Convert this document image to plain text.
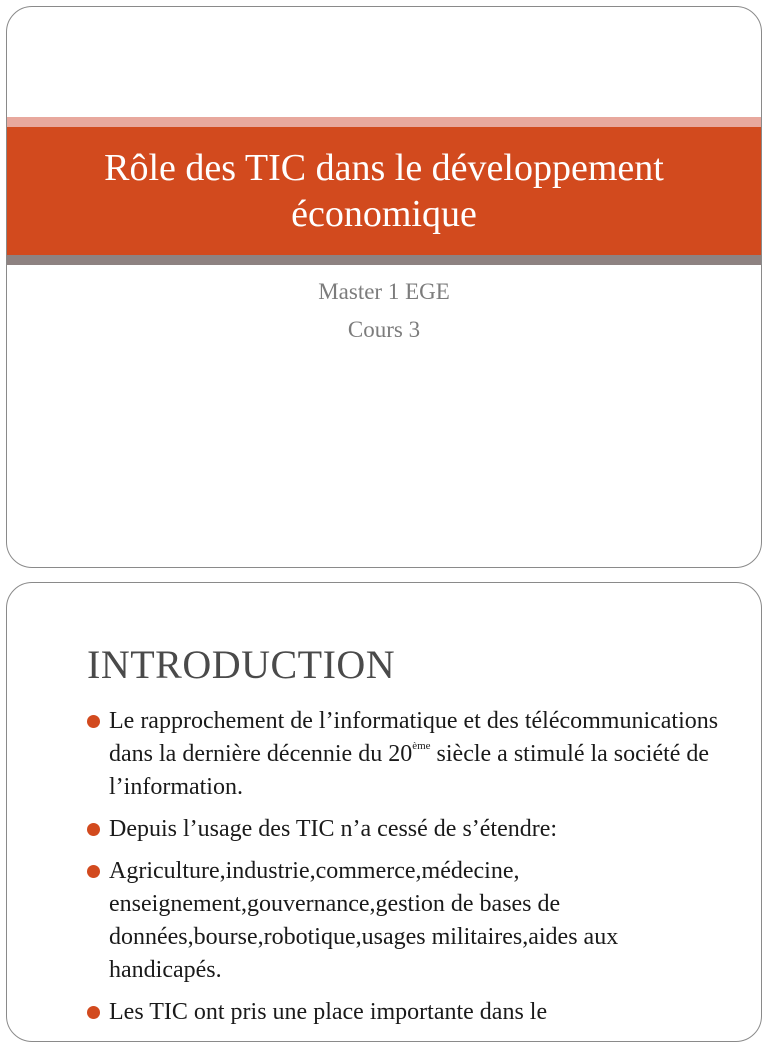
Rôle des TIC dans le développement
économique

Master 1 EGE

Cours 3

INTRODUCTION
Le rapprochement de l’informatique et des télécommunications dans la dernière décennie du 20ème siècle a stimulé la société de l’information.
Depuis l’usage des TIC n’a cessé de s’étendre:
Agriculture,industrie,commerce,médecine, enseignement,gouvernance,gestion de bases de données,bourse,robotique,usages militaires,aides aux handicapés.
Les TIC ont pris une place importante dans le
